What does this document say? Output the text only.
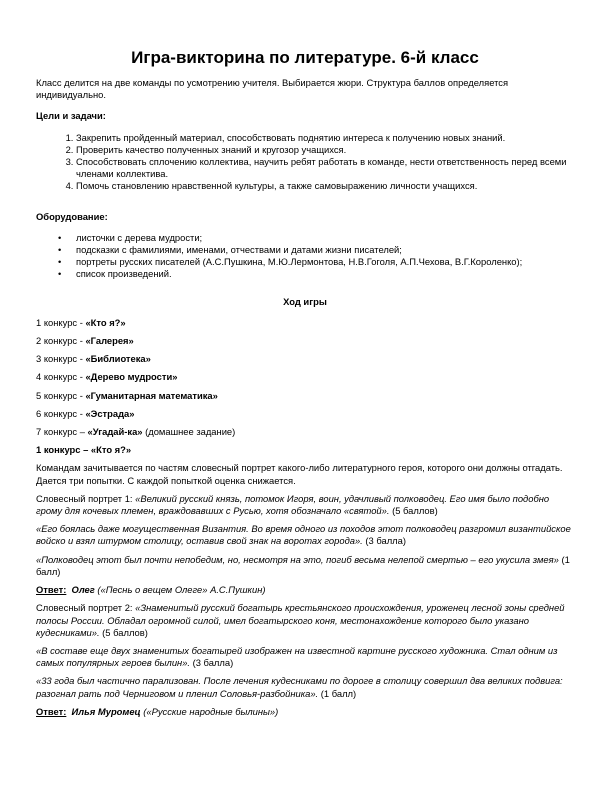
Игра-викторина по литературе. 6-й класс

Класс делится на две команды по усмотрению учителя. Выбирается жюри. Структура баллов определяется индивидуально.

Цели и задачи:

1. Закрепить пройденный материал, способствовать поднятию интереса к получению новых знаний.
2. Проверить качество полученных знаний и кругозор учащихся.
3. Способствовать сплочению коллектива, научить ребят работать в команде, нести ответственность перед всеми членами коллектива.
4. Помочь становлению нравственной культуры, а также самовыражению личности учащихся.

Оборудование:

• листочки с дерева мудрости;
• подсказки с фамилиями, именами, отчествами и датами жизни писателей;
• портреты русских писателей (А.С.Пушкина, М.Ю.Лермонтова, Н.В.Гоголя, А.П.Чехова, В.Г.Короленко);
• список произведений.

Ход игры

1 конкурс - «Кто я?»

2 конкурс - «Галерея»

3 конкурс - «Библиотека»

4 конкурс - «Дерево мудрости»

5 конкурс - «Гуманитарная математика»

6 конкурс - «Эстрада»

7 конкурс – «Угадай-ка» (домашнее задание)

1 конкурс – «Кто я?»

Командам зачитывается по частям словесный портрет какого-либо литературного героя, которого они должны отгадать. Дается три попытки. С каждой попыткой оценка снижается.

Словесный портрет 1: «Великий русский князь, потомок Игоря, воин, удачливый полководец. Его имя было подобно грому для кочевых племен, враждовавших с Русью, хотя обозначало «святой». (5 баллов)

«Его боялась даже могущественная Византия. Во время одного из походов этот полководец разгромил византийское войско и взял штурмом столицу, оставив свой знак на воротах города». (3 балла)

«Полководец этот был почти непобедим, но, несмотря на это, погиб весьма нелепой смертью – его укусила змея» (1 балл)

Ответ: Олег («Песнь о вещем Олеге» А.С.Пушкин)

Словесный портрет 2: «Знаменитый русский богатырь крестьянского происхождения, уроженец лесной зоны средней полосы России. Обладал огромной силой, имел богатырского коня, местонахождение которого было указано кудесниками». (5 баллов)

«В составе еще двух знаменитых богатырей изображен на известной картине русского художника. Стал одним из самых популярных героев былин». (3 балла)

«33 года был частично парализован. После лечения кудесниками по дороге в столицу совершил два великих подвига: разогнал рать под Черниговом и пленил Соловья-разбойника». (1 балл)

Ответ: Илья Муромец («Русские народные былины»)
